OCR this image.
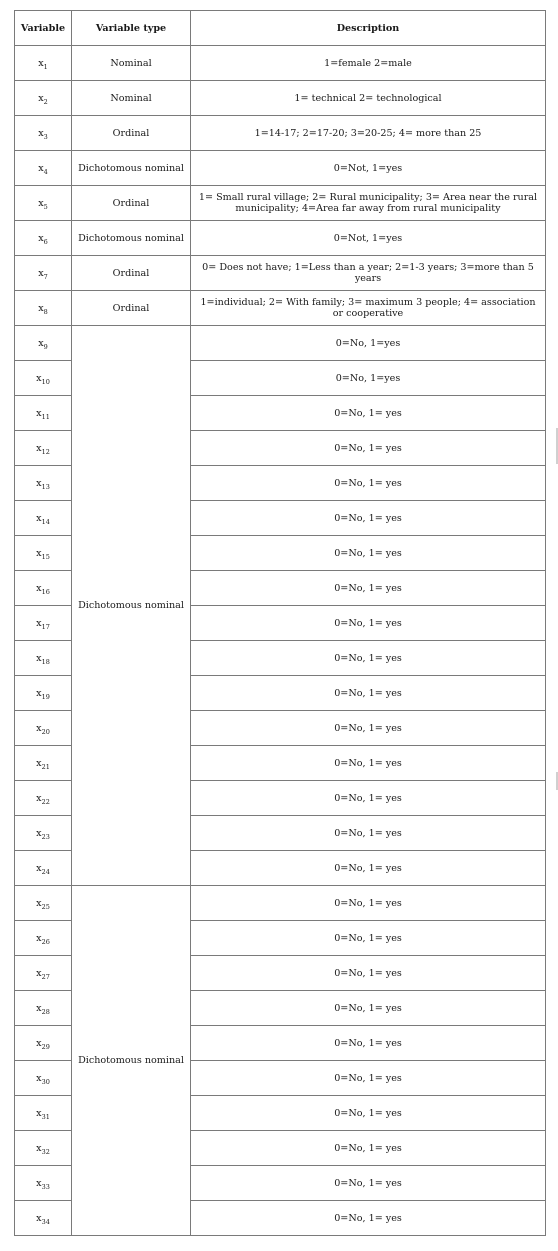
Variable	Variable type	Description
$x_1$	Nominal	1=female 2=male
$x_2$	Nominal	1= technical 2= technological
$x_3$	Ordinal	1=14-17; 2=17-20; 3=20-25; 4= more than 25
$x_4$	Dichotomous nominal	0=Not, 1=yes
$x_5$	Ordinal	1= Small rural village; 2= Rural municipality; 3= Area near the rural municipality; 4=Area far away from rural municipality
$x_6$	Dichotomous nominal	0=Not, 1=yes
$x_7$	Ordinal	0= Does not have; 1=Less than a year; 2=1-3 years; 3=more than 5 years
$x_8$	Ordinal	1=individual; 2= With family; 3= maximum 3 people; 4= association or cooperative
$x_9$	Dichotomous nominal	0=No, 1=yes
$x_{10}$		0=No, 1=yes
$x_{11}$		0=No, 1= yes
$x_{12}$		0=No, 1= yes
$x_{13}$		0=No, 1= yes
$x_{14}$		0=No, 1= yes
$x_{15}$		0=No, 1= yes
$x_{16}$		0=No, 1= yes
$x_{17}$		0=No, 1= yes
$x_{18}$		0=No, 1= yes
$x_{19}$		0=No, 1= yes
$x_{20}$		0=No, 1= yes
$x_{21}$		0=No, 1= yes
$x_{22}$		0=No, 1= yes
$x_{23}$		0=No, 1= yes
$x_{24}$		0=No, 1= yes
$x_{25}$	Dichotomous nominal	0=No, 1= yes
$x_{26}$		0=No, 1= yes
$x_{27}$		0=No, 1= yes
$x_{28}$		0=No, 1= yes
$x_{29}$		0=No, 1= yes
$x_{30}$		0=No, 1= yes
$x_{31}$		0=No, 1= yes
$x_{32}$		0=No, 1= yes
$x_{33}$		0=No, 1= yes
$x_{34}$		0=No, 1= yes
